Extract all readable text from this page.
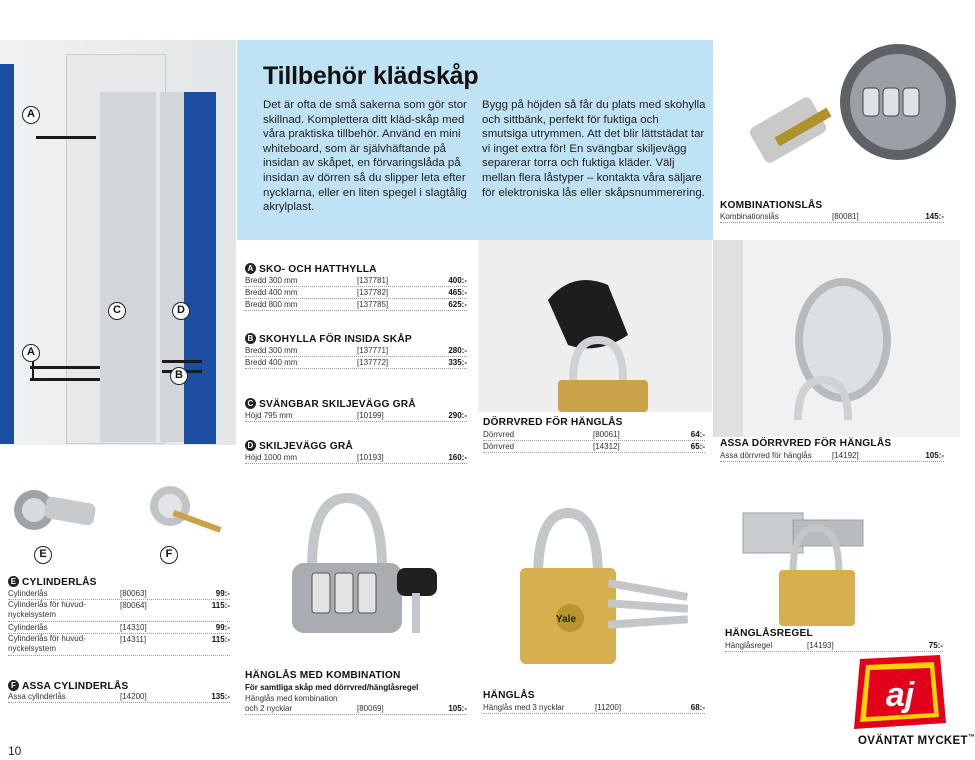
A
A
C	D
B
E	F
Yale
Tillbehör klädskåp

Det är ofta de små sakerna som gör stor skillnad. Komplettera ditt kläd-skåp med våra praktiska tillbehör. Använd en mini whiteboard, som är självhäftande på insidan av skåpet, en förvaringslåda på insidan av dörren så du slipper leta efter nycklarna, eller en liten spegel i slagtålig akrylplast.

Bygg på höjden så får du plats med skohylla och sittbänk, perfekt för fuktiga och smutsiga utrymmen. Att det blir lättstädat tar vi inget extra för! En svängbar skiljevägg separerar torra och fuktiga kläder. Välj mellan flera låstyper – kontakta våra säljare för elektroniska lås eller skåpsnummerering.

KOMBINATIONSLÅS
Kombinationslås	[80081]	145:-
A SKO- OCH HATTHYLLA
Bredd 300 mm	[137781]	400:-
Bredd 400 mm	[137782]	465:-
Bredd 800 mm	[137785]	625:-
B SKOHYLLA FÖR INSIDA SKÅP
Bredd 300 mm	[137771]	280:-
Bredd 400 mm	[137772]	335:-
C SVÄNGBAR SKILJEVÄGG GRÅ
Höjd 795 mm	[10199]	290:-
D SKILJEVÄGG GRÅ
Höjd 1000 mm	[10193]	160:-
DÖRRVRED FÖR HÄNGLÅS
Dörrvred	[80061]	64:-
Dörrvred	[14312]	65:- ASSA DÖRRVRED FÖR HÄNGLÅS
Assa dörrvred för hänglås	[14192]	105:-
E CYLINDERLÅS
Cylinderlås	[80063]	99:-
Cylinderlås för huvud-nyckelsystem
[80064]	115:-
Cylinderlås	[14310]	99:-
Cylinderlås för huvud-nyckelsystem
[14311]	115:-
F ASSA CYLINDERLÅS
Assa cylinderlås	[14200]	135:-
HÄNGLÅS MED KOMBINATION
För samtliga skåp med dörrvred/hänglåsregel
Hänglås med kombination
och 2 nycklar	[80069]	105:-
HÄNGLÅS
Hänglås med 3 nycklar	[11200]	68:-
HÄNGLÅSREGEL
Hänglåsregel	[14193]	75:-
aj
OVÄNTAT MYCKET™
10
